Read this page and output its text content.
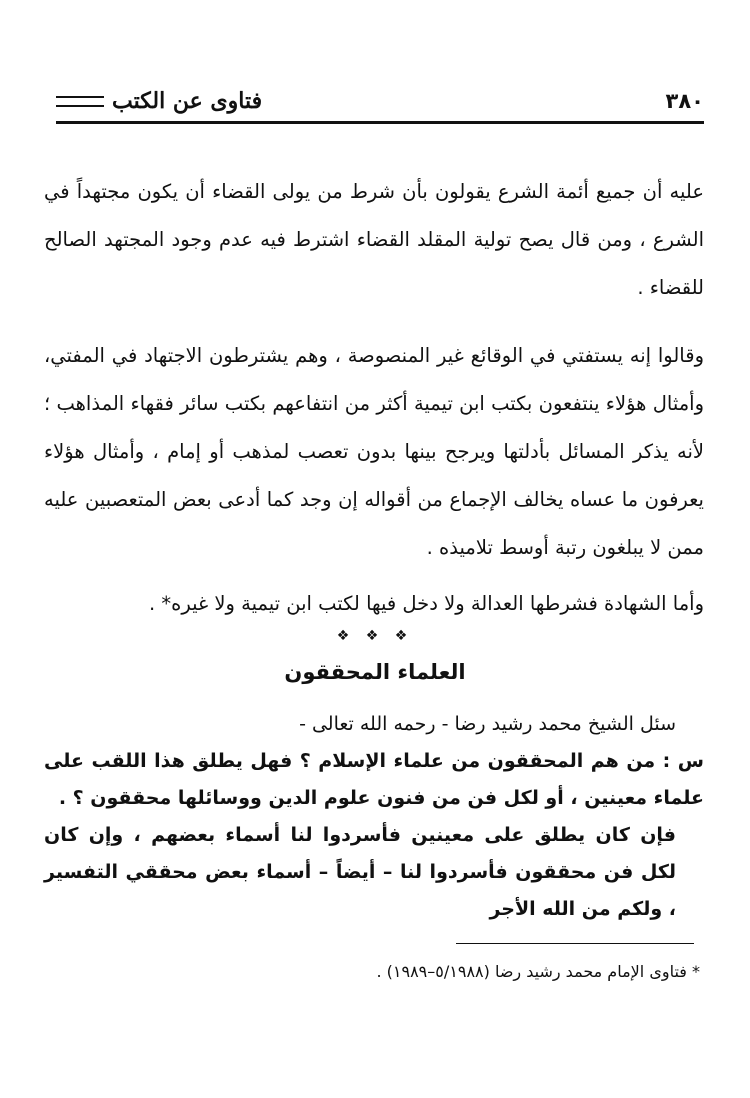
٣٨٠
فتاوى عن الكتب

عليه أن جميع أئمة الشرع يقولون بأن شرط من يولى القضاء أن يكون مجتهداً في الشرع ، ومن قال يصح تولية المقلد القضاء اشترط فيه عدم وجود المجتهد الصالح للقضاء .

وقالوا إنه يستفتي في الوقائع غير المنصوصة ، وهم يشترطون الاجتهاد في المفتي، وأمثال هؤلاء ينتفعون بكتب ابن تيمية أكثر من انتفاعهم بكتب سائر فقهاء المذاهب ؛ لأنه يذكر المسائل بأدلتها ويرجح بينها بدون تعصب لمذهب أو إمام ، وأمثال هؤلاء يعرفون ما عساه يخالف الإجماع من أقواله إن وجد كما أدعى بعض المتعصبين عليه ممن لا يبلغون رتبة أوسط تلاميذه .

وأما الشهادة فشرطها العدالة ولا دخل فيها لكتب ابن تيمية ولا غيره* .

❖ ❖ ❖
العلماء المحققون

سئل الشيخ محمد رشيد رضا - رحمه الله تعالى -

س : من هم المحققون من علماء الإسلام ؟ فهل يطلق هذا اللقب على علماء معينين ، أو لكل فن من فنون علوم الدين ووسائلها محققون ؟ .

فإن كان يطلق على معينين فأسردوا لنا أسماء بعضهم ، وإن كان لكل فن محققون فأسردوا لنا – أيضاً – أسماء بعض محققي التفسير ، ولكم من الله الأجر

* فتاوى الإمام محمد رشيد رضا (٥/١٩٨٨–١٩٨٩) .
